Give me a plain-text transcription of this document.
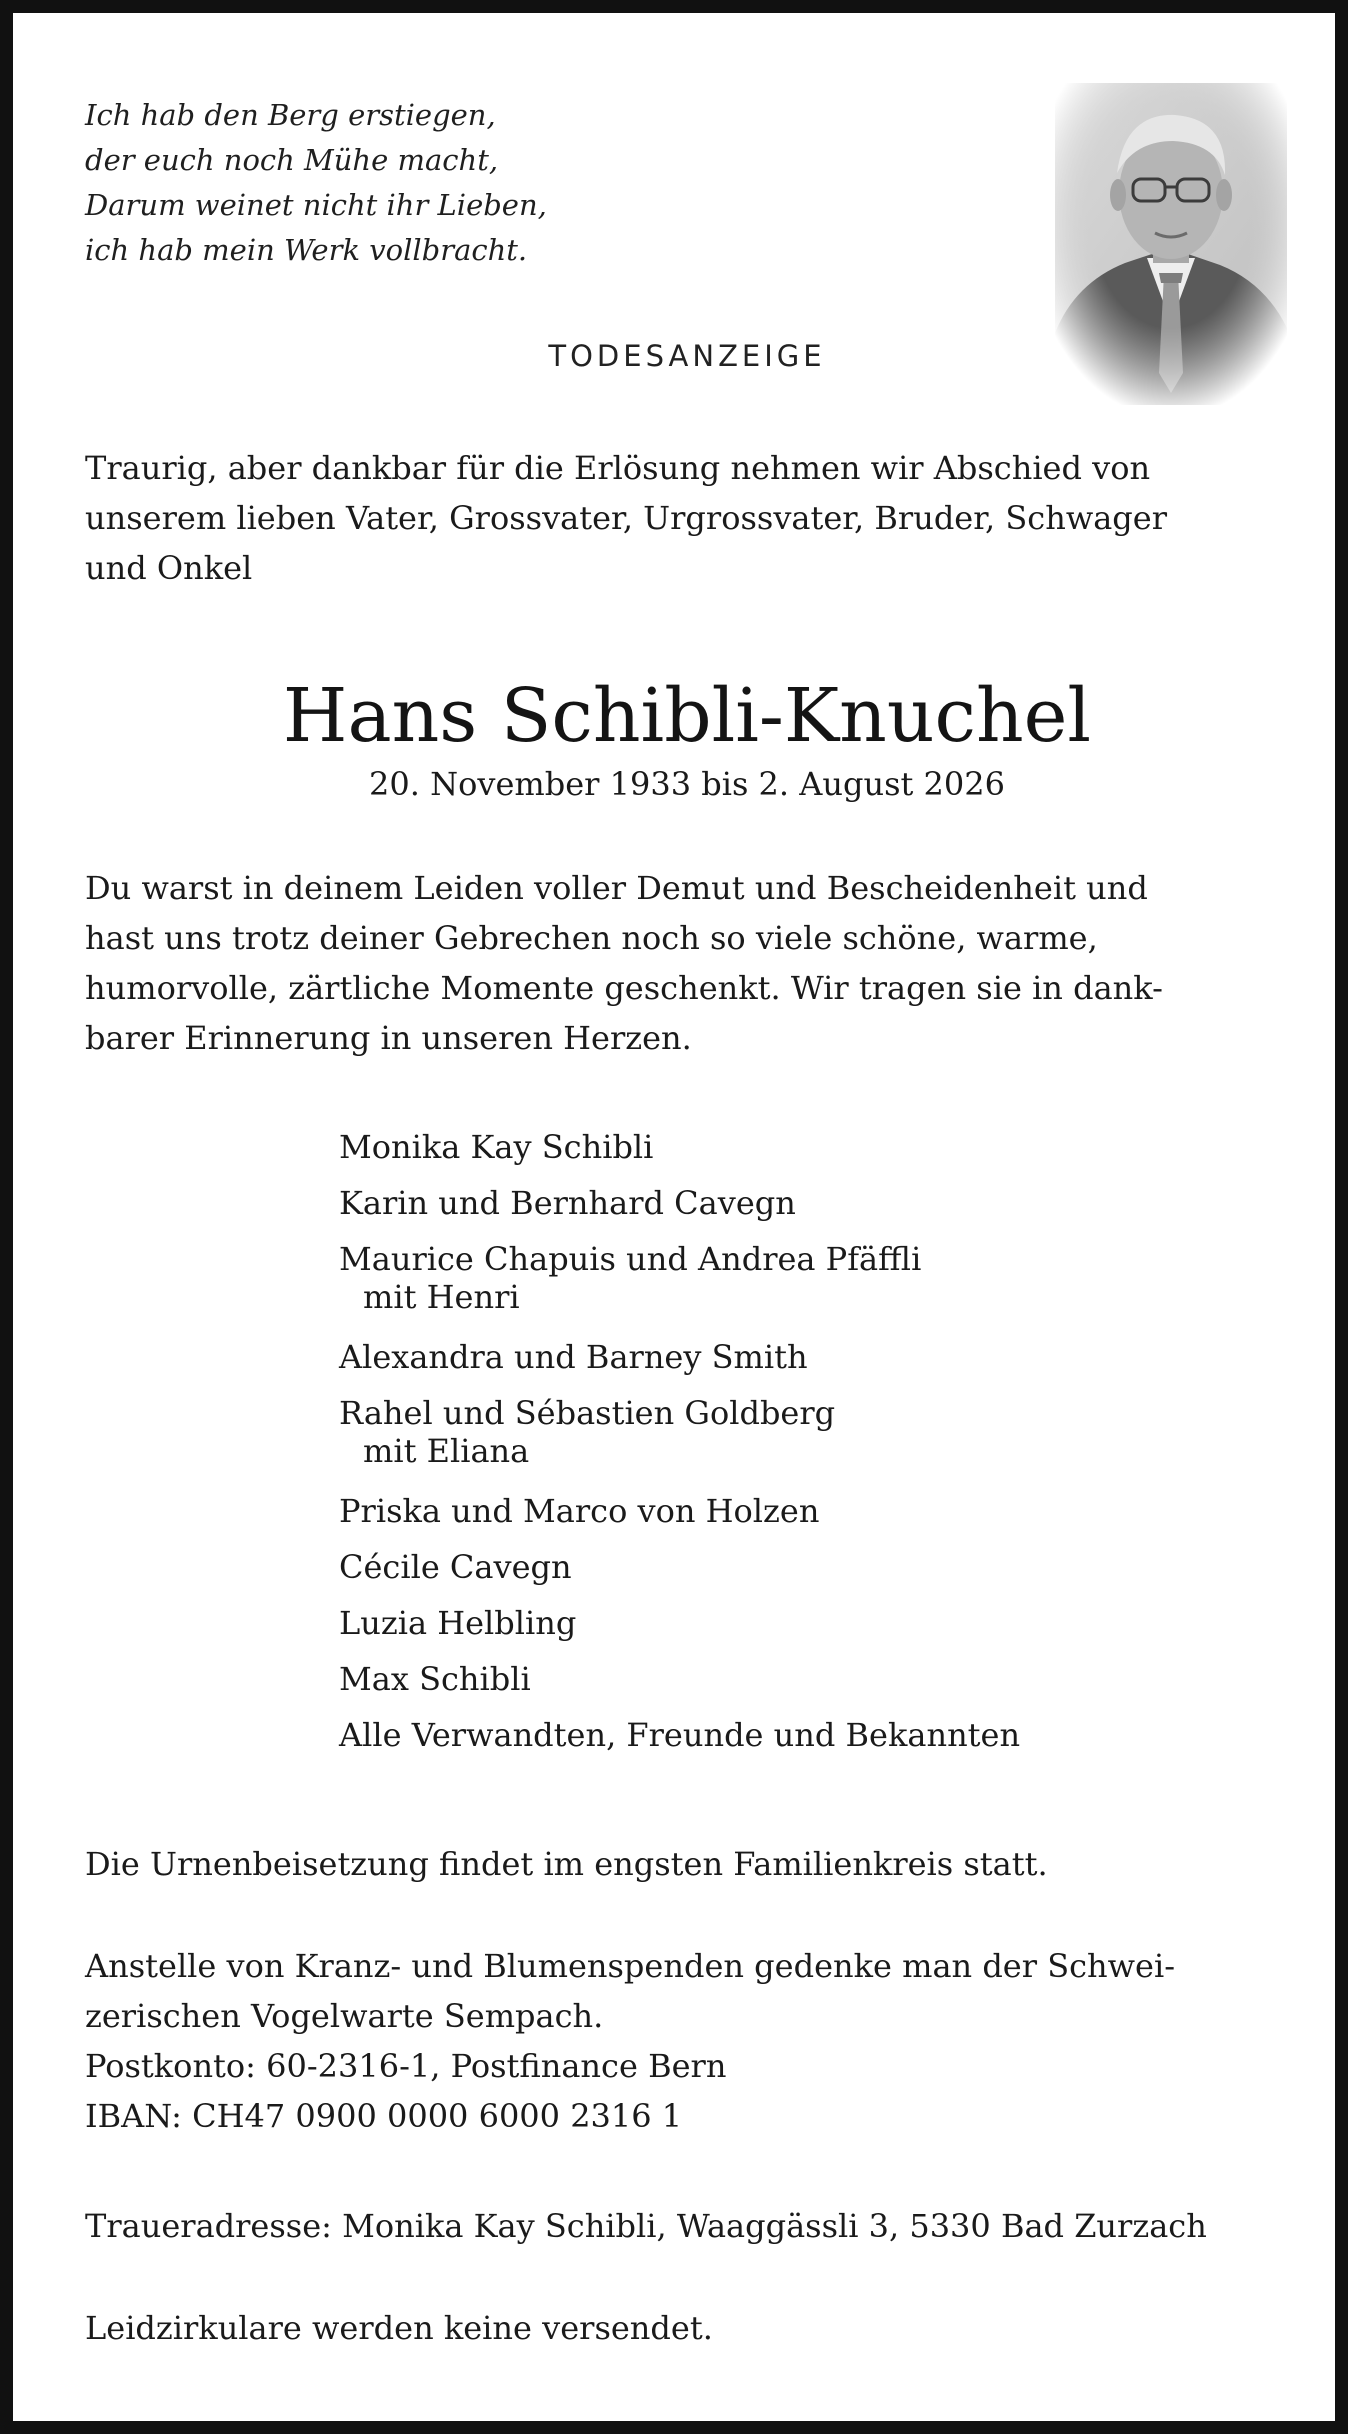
Ich hab den Berg erstiegen,
der euch noch Mühe macht,
Darum weinet nicht ihr Lieben,
ich hab mein Werk vollbracht.
TODESANZEIGE
Traurig, aber dankbar für die Erlösung nehmen wir Abschied von
unserem lieben Vater, Grossvater, Urgrossvater, Bruder, Schwager
und Onkel
Hans Schibli-Knuchel
20. November 1933 bis 2. August 2026
Du warst in deinem Leiden voller Demut und Bescheidenheit und
hast uns trotz deiner Gebrechen noch so viele schöne, warme,
humorvolle, zärtliche Momente geschenkt. Wir tragen sie in dank-
barer Erinnerung in unseren Herzen.
Monika Kay Schibli
Karin und Bernhard Cavegn
Maurice Chapuis und Andrea Pfäffli
mit Henri
Alexandra und Barney Smith
Rahel und Sébastien Goldberg
mit Eliana
Priska und Marco von Holzen
Cécile Cavegn
Luzia Helbling
Max Schibli
Alle Verwandten, Freunde und Bekannten
Die Urnenbeisetzung findet im engsten Familienkreis statt.
Anstelle von Kranz- und Blumenspenden gedenke man der Schwei-
zerischen Vogelwarte Sempach.
Postkonto: 60-2316-1, Postfinance Bern
IBAN: CH47 0900 0000 6000 2316 1
Traueradresse: Monika Kay Schibli, Waaggässli 3, 5330 Bad Zurzach
Leidzirkulare werden keine versendet.
